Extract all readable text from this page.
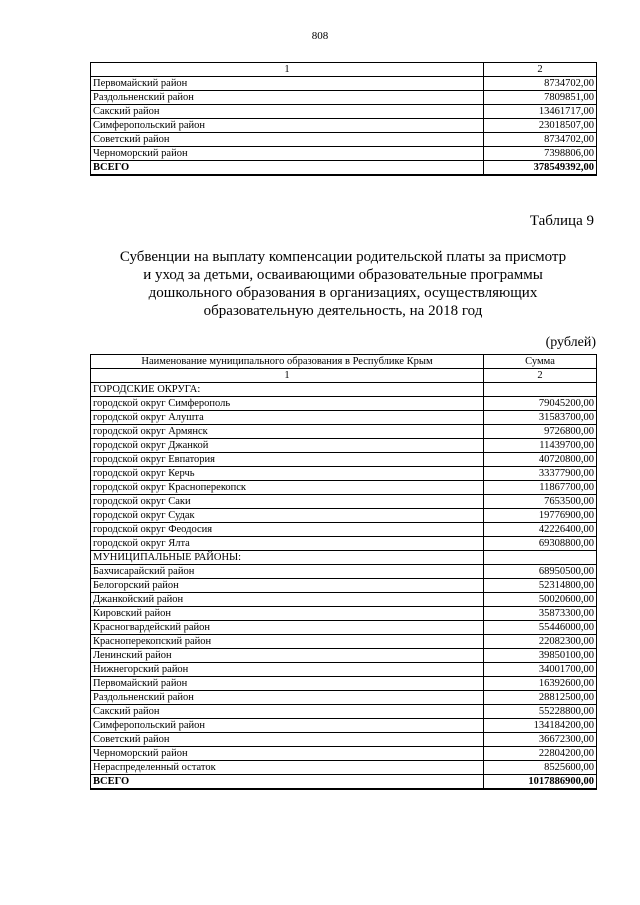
808
1	2
Первомайский район	8734702,00
Раздольненский район	7809851,00
Сакский район	13461717,00
Симферопольский район	23018507,00
Советский район	8734702,00
Черноморский район	7398806,00
ВСЕГО	378549392,00
Таблица 9
Субвенции на выплату компенсации родительской платы за присмотр
и уход за детьми, осваивающими образовательные программы
дошкольного образования в организациях, осуществляющих
образовательную деятельность, на 2018 год
(рублей)
Наименование муниципального образования в Республике Крым	Сумма
1	2
ГОРОДСКИЕ ОКРУГА:	
городской округ Симферополь	79045200,00
городской округ Алушта	31583700,00
городской округ Армянск	9726800,00
городской округ Джанкой	11439700,00
городской округ Евпатория	40720800,00
городской округ Керчь	33377900,00
городской округ Красноперекопск	11867700,00
городской округ Саки	7653500,00
городской округ Судак	19776900,00
городской округ Феодосия	42226400,00
городской округ Ялта	69308800,00
МУНИЦИПАЛЬНЫЕ РАЙОНЫ:	
Бахчисарайский район	68950500,00
Белогорский район	52314800,00
Джанкойский район	50020600,00
Кировский район	35873300,00
Красногвардейский район	55446000,00
Красноперекопский район	22082300,00
Ленинский район	39850100,00
Нижнегорский район	34001700,00
Первомайский район	16392600,00
Раздольненский район	28812500,00
Сакский район	55228800,00
Симферопольский район	134184200,00
Советский район	36672300,00
Черноморский район	22804200,00
Нераспределенный остаток	8525600,00
ВСЕГО	1017886900,00
